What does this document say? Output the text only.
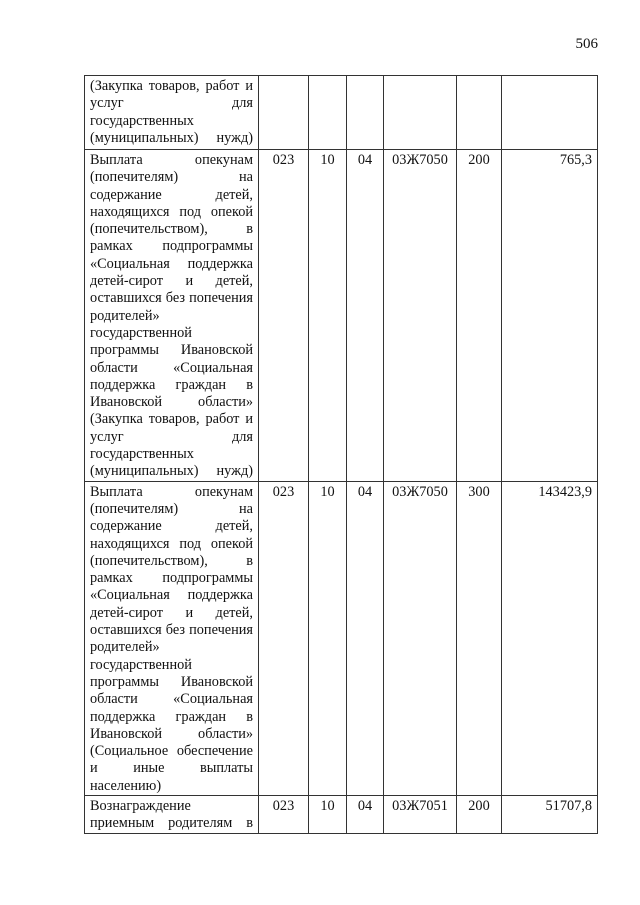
506
(Закупка товаров, работ и услуг для государственных (муниципальных) нужд)						

Выплата опекунам (попечителям) на содержание детей, находящихся под опекой (попечительством), в рамках подпрограммы «Социальная поддержка детей-сирот и детей, оставшихся без попечения родителей» государственной программы Ивановской области «Социальная поддержка граждан в Ивановской области» (Закупка товаров, работ и услуг для государственных (муниципальных) нужд)	023	10	04	03Ж7050	200	765,3

Выплата опекунам (попечителям) на содержание детей, находящихся под опекой (попечительством), в рамках подпрограммы «Социальная поддержка детей-сирот и детей, оставшихся без попечения родителей» государственной программы Ивановской области «Социальная поддержка граждан в Ивановской области» (Социальное обеспечение и иные выплаты населению)	023	10	04	03Ж7050	300	143423,9

Вознаграждение приемным родителям в	023	10	04	03Ж7051	200	51707,8
